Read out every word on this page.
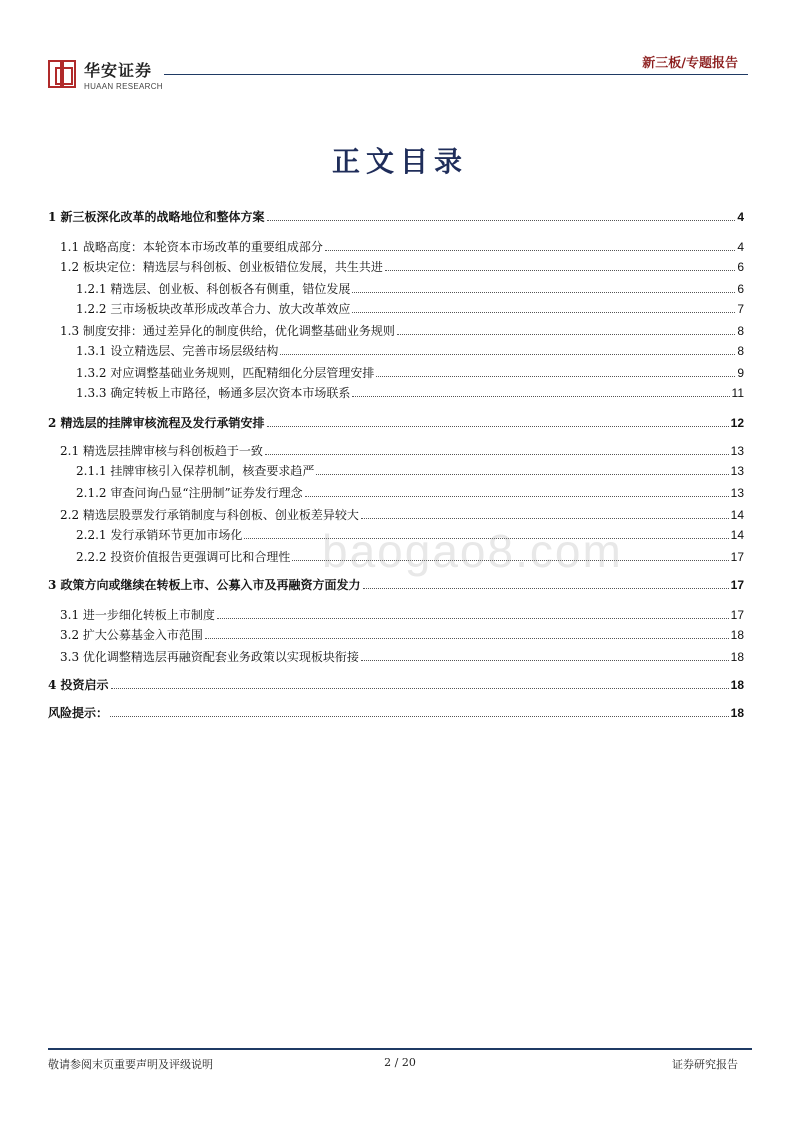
华安证券
HUAAN RESEARCH
新三板/专题报告
正文目录
1 新三板深化改革的战略地位和整体方案	4
1.1 战略高度：本轮资本市场改革的重要组成部分	4
1.2 板块定位：精选层与科创板、创业板错位发展，共生共进	6
1.2.1 精选层、创业板、科创板各有侧重，错位发展	6
1.2.2 三市场板块改革形成改革合力、放大改革效应	7
1.3 制度安排：通过差异化的制度供给，优化调整基础业务规则	8
1.3.1 设立精选层、完善市场层级结构	8
1.3.2 对应调整基础业务规则，匹配精细化分层管理安排	9
1.3.3 确定转板上市路径，畅通多层次资本市场联系	11
2 精选层的挂牌审核流程及发行承销安排	12
2.1 精选层挂牌审核与科创板趋于一致	13
2.1.1 挂牌审核引入保荐机制，核查要求趋严	13
2.1.2 审查问询凸显“注册制”证券发行理念	13
2.2 精选层股票发行承销制度与科创板、创业板差异较大	14
2.2.1 发行承销环节更加市场化	14
2.2.2 投资价值报告更强调可比和合理性	17
3 政策方向或继续在转板上市、公募入市及再融资方面发力	17
3.1 进一步细化转板上市制度	17
3.2 扩大公募基金入市范围	18
3.3 优化调整精选层再融资配套业务政策以实现板块衔接	18
4 投资启示	18
风险提示：	18
baogao8.com
敬请参阅末页重要声明及评级说明	2 / 20	证券研究报告
